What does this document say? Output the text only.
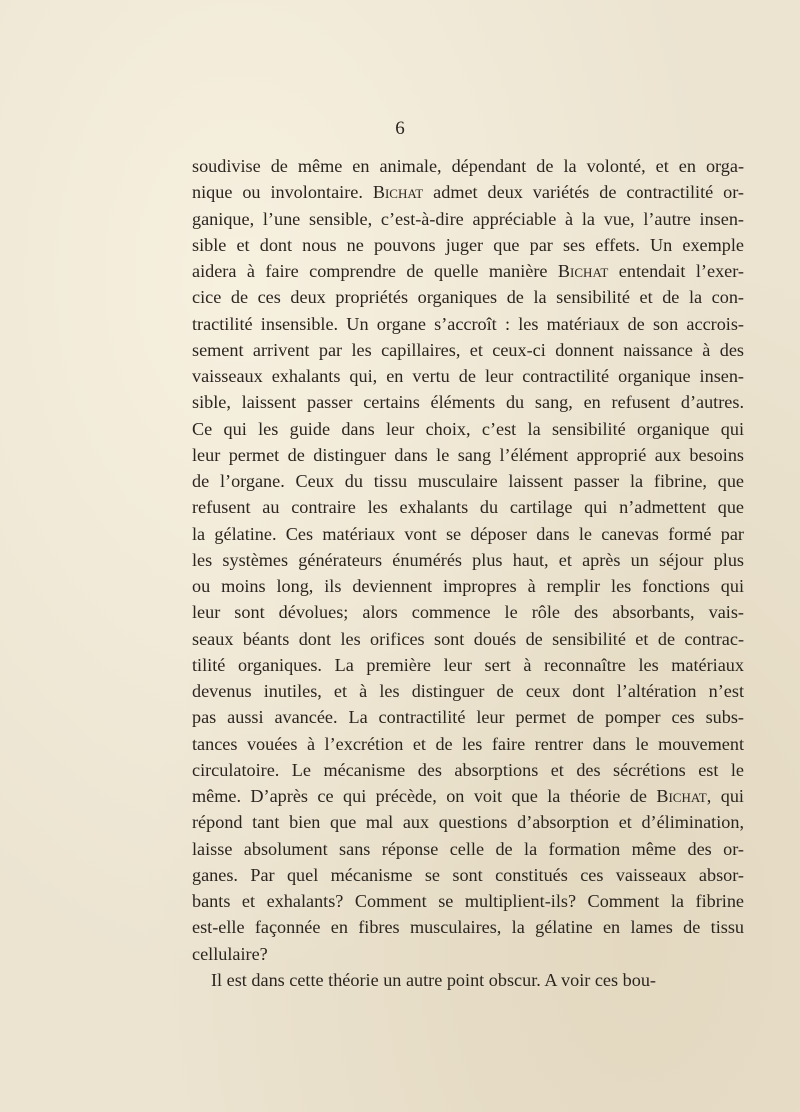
6
soudivise de même en animale, dépendant de la volonté, et en orga-
nique ou involontaire. Bichat admet deux variétés de contractilité or-
ganique, l’une sensible, c’est-à-dire appréciable à la vue, l’autre insen-
sible et dont nous ne pouvons juger que par ses effets. Un exemple
aidera à faire comprendre de quelle manière Bichat entendait l’exer-
cice de ces deux propriétés organiques de la sensibilité et de la con-
tractilité insensible. Un organe s’accroît : les matériaux de son accrois-
sement arrivent par les capillaires, et ceux-ci donnent naissance à des
vaisseaux exhalants qui, en vertu de leur contractilité organique insen-
sible, laissent passer certains éléments du sang, en refusent d’autres.
Ce qui les guide dans leur choix, c’est la sensibilité organique qui
leur permet de distinguer dans le sang l’élément approprié aux besoins
de l’organe. Ceux du tissu musculaire laissent passer la fibrine, que
refusent au contraire les exhalants du cartilage qui n’admettent que
la gélatine. Ces matériaux vont se déposer dans le canevas formé par
les systèmes générateurs énumérés plus haut, et après un séjour plus
ou moins long, ils deviennent impropres à remplir les fonctions qui
leur sont dévolues; alors commence le rôle des absorbants, vais-
seaux béants dont les orifices sont doués de sensibilité et de contrac-
tilité organiques. La première leur sert à reconnaître les matériaux
devenus inutiles, et à les distinguer de ceux dont l’altération n’est
pas aussi avancée. La contractilité leur permet de pomper ces subs-
tances vouées à l’excrétion et de les faire rentrer dans le mouvement
circulatoire. Le mécanisme des absorptions et des sécrétions est le
même. D’après ce qui précède, on voit que la théorie de Bichat, qui
répond tant bien que mal aux questions d’absorption et d’élimination,
laisse absolument sans réponse celle de la formation même des or-
ganes. Par quel mécanisme se sont constitués ces vaisseaux absor-
bants et exhalants? Comment se multiplient-ils? Comment la fibrine
est-elle façonnée en fibres musculaires, la gélatine en lames de tissu
cellulaire?
Il est dans cette théorie un autre point obscur. A voir ces bou-
